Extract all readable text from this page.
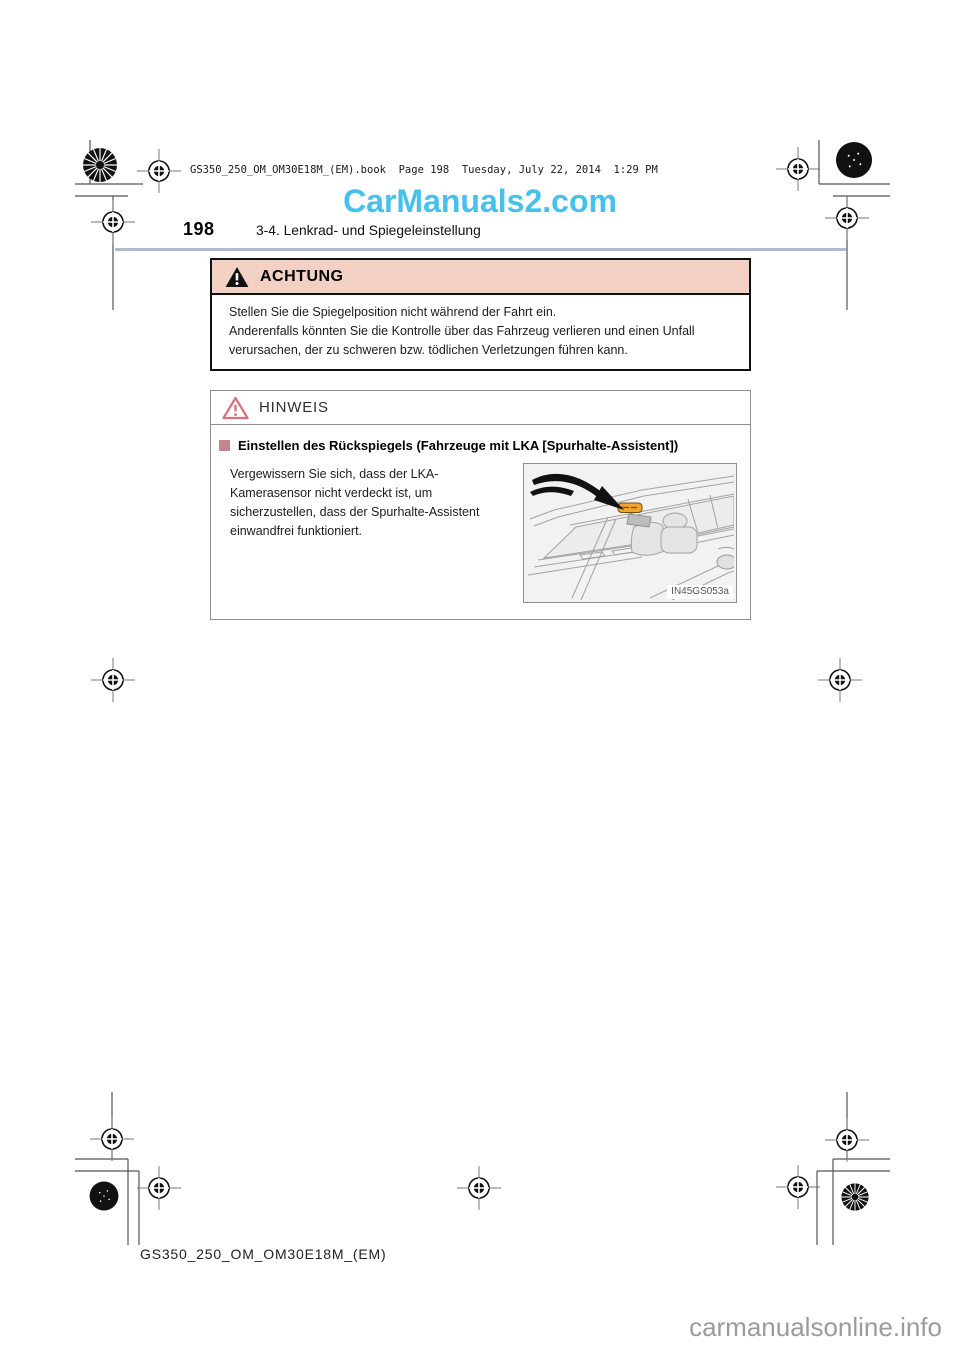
GS350_250_OM_OM30E18M_(EM).book  Page 198  Tuesday, July 22, 2014  1:29 PM
CarManuals2.com
198	3-4. Lenkrad- und Spiegeleinstellung
ACHTUNG

Stellen Sie die Spiegelposition nicht während der Fahrt ein.

Anderenfalls könnten Sie die Kontrolle über das Fahrzeug verlieren und einen Unfall verursachen, der zu schweren bzw. tödlichen Verletzungen führen kann.

HINWEIS
Einstellen des Rückspiegels (Fahrzeuge mit LKA [Spurhalte-Assistent])
Vergewissern Sie sich, dass der LKA-Kamerasensor nicht verdeckt ist, um sicherzustellen, dass der Spurhalte-Assistent einwandfrei funktioniert.
IN45GS053a
GS350_250_OM_OM30E18M_(EM)
carmanualsonline.info
